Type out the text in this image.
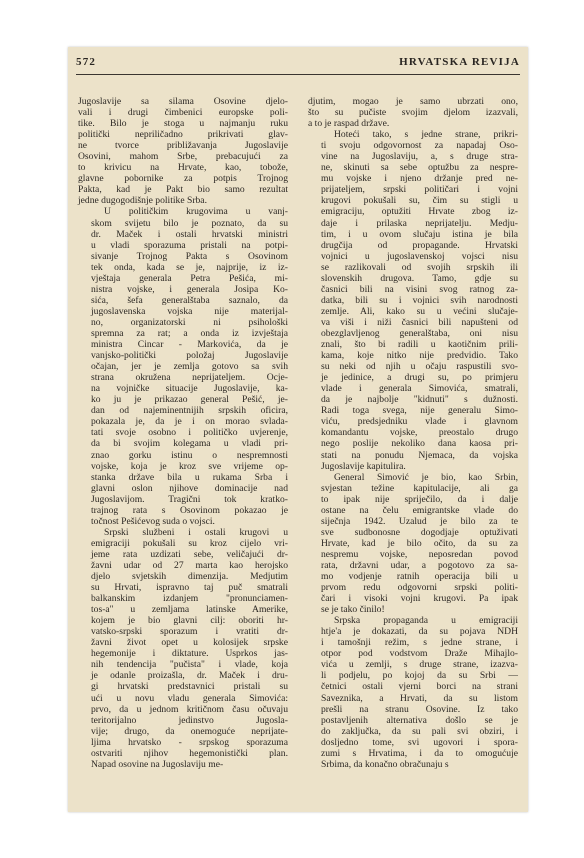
572	HRVATSKA REVIJA

Jugoslavije sa silama Osovine djelo-
vali i drugi čimbenici europske poli-
tike. Bilo je stoga u najmanju ruku
politički nepriličadno prikrivati glav-
ne tvorce približavanja Jugoslavije
Osovini, mahom Srbe, prebacujući za
to krivicu na Hrvate, kao, tobože,
glavne pobornike za potpis Trojnog
Pakta, kad je Pakt bio samo rezultat
jedne dugogodišnje politike Srba.

U političkim krugovima u vanj-
skom svijetu bilo je poznato, da su
dr. Maček i ostali hrvatski ministri
u vladi sporazuma pristali na potpi-
sivanje Trojnog Pakta s Osovinom
tek onda, kada se je, najprije, iz iz-
vještaja generala Petra Pešića, mi-
nistra vojske, i generala Josipa Ko-
sića, šefa generalštaba saznalo, da
jugoslavenska vojska nije materijal-
no, organizatorski ni psihološki
spremna za rat; a onda iz izvještaja
ministra Cincar - Markovića, da je
vanjsko-politički položaj Jugoslavije
očajan, jer je zemlja gotovo sa svih
strana okružena neprijateljem. Ocje-
na vojničke situacije Jugoslavije, ka-
ko ju je prikazao general Pešić, je-
dan od najeminentnijih srpskih oficira,
pokazala je, da je i on morao svlada-
tati svoje osobno i političko uvjerenje,
da bi svojim kolegama u vladi pri-
znao gorku istinu o nespremnosti
vojske, koja je kroz sve vrijeme op-
stanka države bila u rukama Srba i
glavni oslon njihove dominacije nad
Jugoslavijom. Tragični tok kratko-
trajnog rata s Osovinom pokazao je
točnost Pešićevog suda o vojsci.

Srpski službeni i ostali krugovi u
emigraciji pokušali su kroz cijelo vri-
jeme rata uzdizati sebe, veličajući dr-
žavni udar od 27 marta kao herojsko
djelo svjetskih dimenzija. Medjutim
su Hrvati, ispravno taj puč smatrali
balkanskim izdanjem "pronunciamen-
tos-a" u zemljama latinske Amerike,
kojem je bio glavni cilj: oboriti hr-
vatsko-srpski sporazum i vratiti dr-
žavni život opet u kolosijek srpske
hegemonije i diktature. Usprkos jas-
nih tendencija "pučista" i vlade, koja
je odanle proizašla, dr. Maček i dru-
gi hrvatski predstavnici pristali su
ući u novu vladu generala Simovića:
prvo, da u jednom kritičnom času očuvaju
teritorijalno jedinstvo Jugosla-
vije; drugo, da onemoguće neprijate-
ljima hrvatsko - srpskog sporazuma
ostvariti njihov hegemonistički plan.
Napad osovine na Jugoslaviju me-

djutim, mogao je samo ubrzati ono,
što su pučiste svojim djelom izazvali,
a to je raspad države.

Hoteći tako, s jedne strane, prikri-
ti svoju odgovornost za napadaj Oso-
vine na Jugoslaviju, a, s druge stra-
ne, skinuti sa sebe optužbu za nespre-
mu vojske i njeno držanje pred ne-
prijateljem, srpski političari i vojni
krugovi pokušali su, čim su stigli u
emigraciju, optužiti Hrvate zbog iz-
daje i prilaska neprijatelju. Medju-
tim, i u ovom slučaju istina je bila
drugčija od propagande. Hrvatski
vojnici u jugoslavenskoj vojsci nisu
se razlikovali od svojih srpskih ili
slovenskih drugova. Tamo, gdje su
časnici bili na visini svog ratnog za-
datka, bili su i vojnici svih narodnosti
zemlje. Ali, kako su u većini slučaje-
va viši i niži časnici bili napušteni od
obezglavljenog generalštaba, oni nisu
znali, što bi radili u kaotičnim prili-
kama, koje nitko nije predvidio. Tako
su neki od njih u očaju raspustili svo-
je jedinice, a drugi su, po primjeru
vlade i generala Simovića, smatrali,
da je najbolje "kidnuti" s dužnosti.
Radi toga svega, nije generalu Simo-
viću, predsjedniku vlade i glavnom
komandantu vojske, preostalo drugo
nego poslije nekoliko dana kaosa pri-
stati na ponudu Njemaca, da vojska
Jugoslavije kapitulira.

General Simović je bio, kao Srbin,
svjestan težine kapitulacije, ali ga
to ipak nije spriječilo, da i dalje
ostane na čelu emigrantske vlade do
siječnja 1942. Uzalud je bilo za te
sve sudbonosne dogodjaje optuživati
Hrvate, kad je bilo očito, da su za
nespremu vojske, neposredan povod
rata, državni udar, a pogotovo za sa-
mo vodjenje ratnih operacija bili u
prvom redu odgovorni srpski politi-
čari i visoki vojni krugovi. Pa ipak
se je tako činilo!

Srpska propaganda u emigraciji
htje'a je dokazati, da su pojava NDH
i tamošnji režim, s jedne strane, i
otpor pod vodstvom Draže Mihajlo-
vića u zemlji, s druge strane, izazva-
li podjelu, po kojoj da su Srbi —
četnici ostali vjerni borci na strani
Saveznika, a Hrvati, da su listom
prešli na stranu Osovine. Iz tako
postavljenih alternativa došlo se je
do zaključka, da su pali svi obziri, i
dosljedno tome, svi ugovori i spora-
zumi s Hrvatima, i da to omogućuje
Srbima, da konačno obračunaju s
